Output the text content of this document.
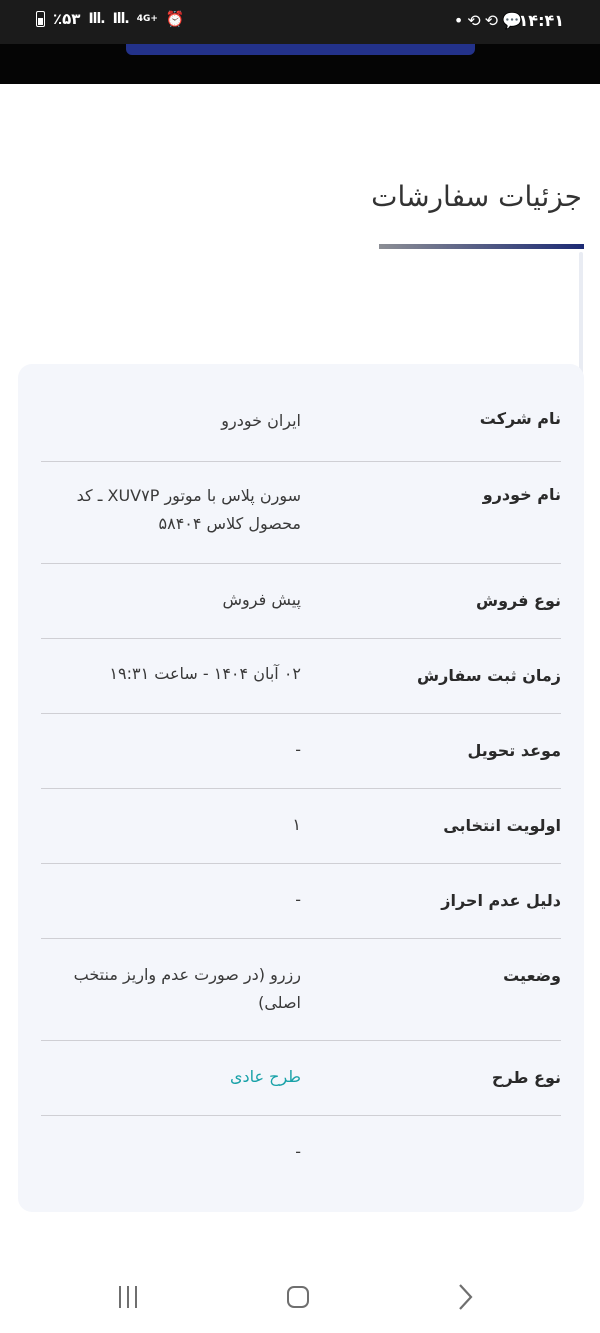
٪۵۳ Ill. Ill. 4G+ ⏰	• ⟲ ⟲ 💬
۱۴:۴۱
جزئیات سفارشات
نام شرکت
ایران خودرو
نام خودرو
سورن پلاس با موتور XUV۷P ـ کد محصول کلاس ۵۸۴۰۴
نوع فروش
پیش فروش
زمان ثبت سفارش
۰۲ آبان ۱۴۰۴ - ساعت ۱۹:۳۱
موعد تحویل
-
اولویت انتخابی
۱
دلیل عدم احراز
-
وضعیت
رزرو (در صورت عدم واریز منتخب اصلی)
نوع طرح
طرح عادی
-
